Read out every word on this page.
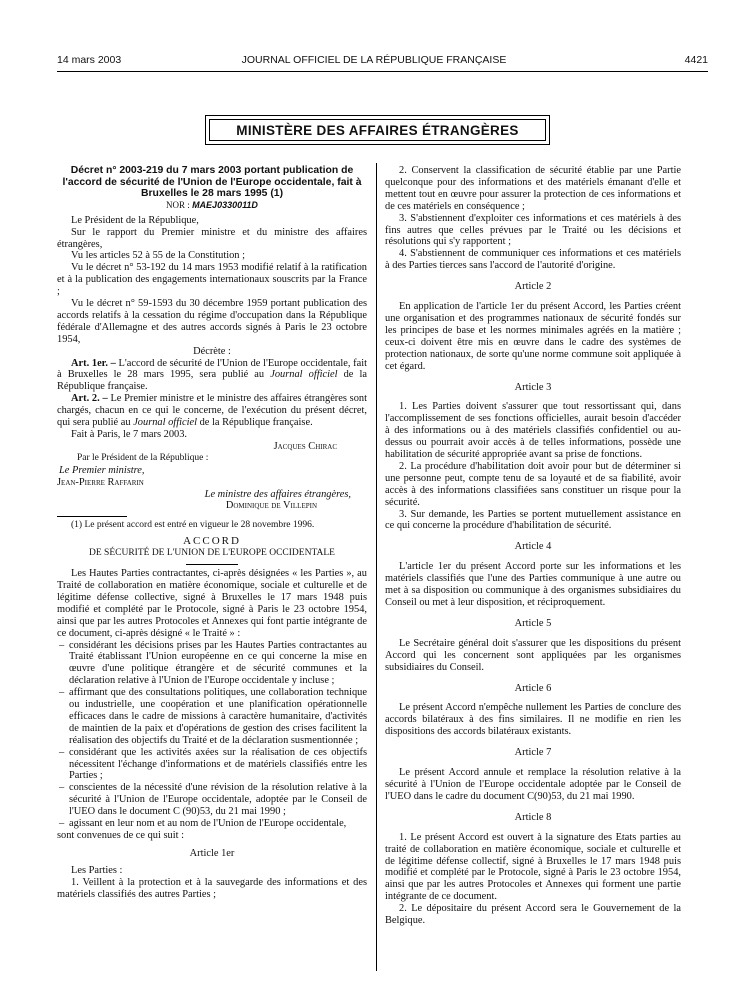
14 mars 2003	JOURNAL OFFICIEL DE LA RÉPUBLIQUE FRANÇAISE	4421
MINISTÈRE DES AFFAIRES ÉTRANGÈRES

Décret n° 2003-219 du 7 mars 2003 portant publication de l'accord de sécurité de l'Union de l'Europe occidentale, fait à Bruxelles le 28 mars 1995 (1)

NOR : MAEJ0330011D

Le Président de la République,

Sur le rapport du Premier ministre et du ministre des affaires étrangères,

Vu les articles 52 à 55 de la Constitution ;

Vu le décret n° 53-192 du 14 mars 1953 modifié relatif à la ratification et à la publication des engagements internationaux souscrits par la France ;

Vu le décret n° 59-1593 du 30 décembre 1959 portant publication des accords relatifs à la cessation du régime d'occupation dans la République fédérale d'Allemagne et des autres accords signés à Paris le 23 octobre 1954,

Décrète :

Art. 1er. – L'accord de sécurité de l'Union de l'Europe occidentale, fait à Bruxelles le 28 mars 1995, sera publié au Journal officiel de la République française.

Art. 2. – Le Premier ministre et le ministre des affaires étrangères sont chargés, chacun en ce qui le concerne, de l'exécution du présent décret, qui sera publié au Journal officiel de la République française.

Fait à Paris, le 7 mars 2003.

Jacques Chirac

Par le Président de la République :

Le Premier ministre,

Jean-Pierre Raffarin

Le ministre des affaires étrangères,

Dominique de Villepin

(1) Le présent accord est entré en vigueur le 28 novembre 1996.

ACCORD

DE SÉCURITÉ DE L'UNION DE L'EUROPE OCCIDENTALE

Les Hautes Parties contractantes, ci-après désignées « les Parties », au Traité de collaboration en matière économique, sociale et culturelle et de légitime défense collective, signé à Bruxelles le 17 mars 1948 puis modifié et complété par le Protocole, signé à Paris le 23 octobre 1954, ainsi que par les autres Protocoles et Annexes qui font partie intégrante de ce document, ci-après désigné « le Traité » :

– considérant les décisions prises par les Hautes Parties contractantes au Traité établissant l'Union européenne en ce qui concerne la mise en œuvre d'une politique étrangère et de sécurité communes et la déclaration relative à l'Union de l'Europe occidentale y incluse ;
– affirmant que des consultations politiques, une collaboration technique ou industrielle, une coopération et une planification opérationnelle efficaces dans le cadre de missions à caractère humanitaire, d'activités de maintien de la paix et d'opérations de gestion des crises facilitent la réalisation des objectifs du Traité et de la déclaration susmentionnée ;
– considérant que les activités axées sur la réalisation de ces objectifs nécessitent l'échange d'informations et de matériels classifiés entre les Parties ;
– conscientes de la nécessité d'une révision de la résolution relative à la sécurité à l'Union de l'Europe occidentale, adoptée par le Conseil de l'UEO dans le document C (90)53, du 21 mai 1990 ;
– agissant en leur nom et au nom de l'Union de l'Europe occidentale,

sont convenues de ce qui suit :

Article 1er

Les Parties :

1. Veillent à la protection et à la sauvegarde des informations et des matériels classifiés des autres Parties ;

2. Conservent la classification de sécurité établie par une Partie quelconque pour des informations et des matériels émanant d'elle et mettent tout en œuvre pour assurer la protection de ces informations et de ces matériels en conséquence ;

3. S'abstiennent d'exploiter ces informations et ces matériels à des fins autres que celles prévues par le Traité ou les décisions et résolutions qui s'y rapportent ;

4. S'abstiennent de communiquer ces informations et ces matériels à des Parties tierces sans l'accord de l'autorité d'origine.

Article 2

En application de l'article 1er du présent Accord, les Parties créent une organisation et des programmes nationaux de sécurité fondés sur les principes de base et les normes minimales agréés en la matière ; ceux-ci doivent être mis en œuvre dans le cadre des systèmes de protection nationaux, de sorte qu'une norme commune soit appliquée à cet égard.

Article 3

1. Les Parties doivent s'assurer que tout ressortissant qui, dans l'accomplissement de ses fonctions officielles, aurait besoin d'accéder à des informations ou à des matériels classifiés confidentiel ou au-dessus ou pourrait avoir accès à de telles informations, possède une habilitation de sécurité appropriée avant sa prise de fonctions.

2. La procédure d'habilitation doit avoir pour but de déterminer si une personne peut, compte tenu de sa loyauté et de sa fiabilité, avoir accès à des informations classifiées sans constituer un risque pour la sécurité.

3. Sur demande, les Parties se portent mutuellement assistance en ce qui concerne la procédure d'habilitation de sécurité.

Article 4

L'article 1er du présent Accord porte sur les informations et les matériels classifiés que l'une des Parties communique à une autre ou met à sa disposition ou communique à des organismes subsidiaires du Conseil ou met à leur disposition, et réciproquement.

Article 5

Le Secrétaire général doit s'assurer que les dispositions du présent Accord qui les concernent sont appliquées par les organismes subsidiaires du Conseil.

Article 6

Le présent Accord n'empêche nullement les Parties de conclure des accords bilatéraux à des fins similaires. Il ne modifie en rien les dispositions des accords bilatéraux existants.

Article 7

Le présent Accord annule et remplace la résolution relative à la sécurité à l'Union de l'Europe occidentale adoptée par le Conseil de l'UEO dans le cadre du document C(90)53, du 21 mai 1990.

Article 8

1. Le présent Accord est ouvert à la signature des Etats parties au traité de collaboration en matière économique, sociale et culturelle et de légitime défense collectif, signé à Bruxelles le 17 mars 1948 puis modifié et complété par le Protocole, signé à Paris le 23 octobre 1954, ainsi que par les autres Protocoles et Annexes qui forment une partie intégrante de ce document.

2. Le dépositaire du présent Accord sera le Gouvernement de la Belgique.
